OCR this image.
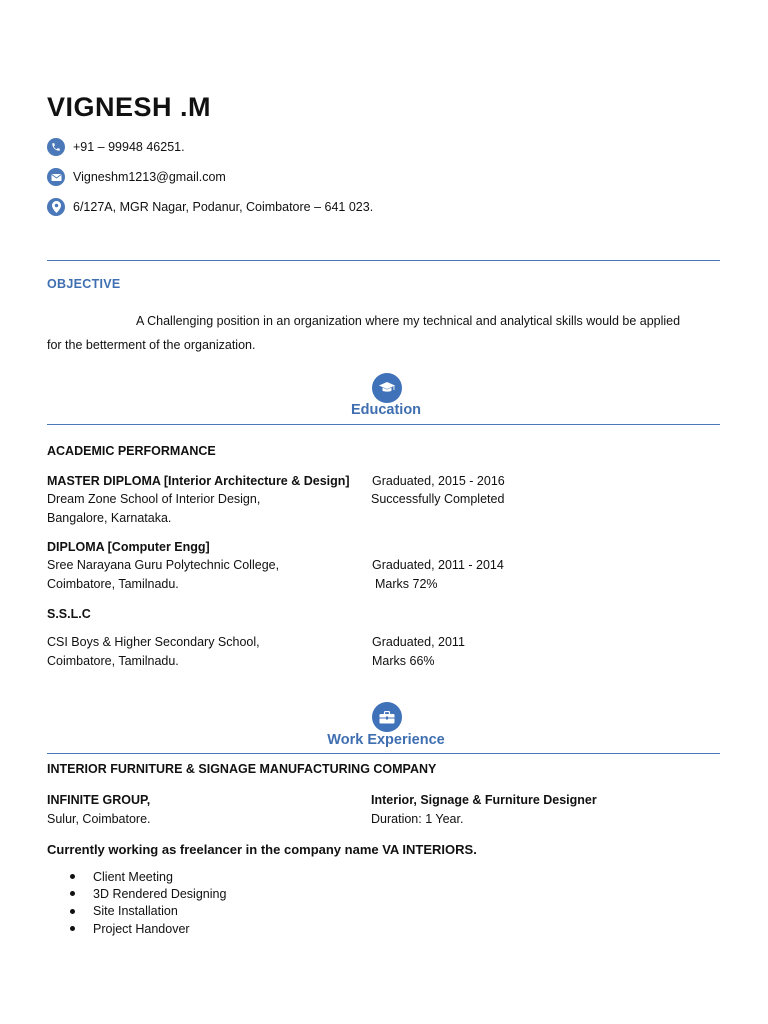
VIGNESH .M
+91 – 99948 46251.
Vigneshm1213@gmail.com
6/127A, MGR Nagar, Podanur, Coimbatore – 641 023.
OBJECTIVE
A Challenging position in an organization where my technical and analytical skills would be applied
for the betterment of the organization.
Education
ACADEMIC PERFORMANCE
MASTER DIPLOMA [Interior Architecture & Design]
Dream Zone School of Interior Design,
Bangalore, Karnataka.
Graduated, 2015 - 2016
Successfully Completed
DIPLOMA [Computer Engg]
Sree Narayana Guru Polytechnic College,
Coimbatore, Tamilnadu.
Graduated, 2011 - 2014
Marks 72%
S.S.L.C
CSI Boys & Higher Secondary School,
Coimbatore, Tamilnadu.
Graduated, 2011
Marks 66%
Work Experience
INTERIOR FURNITURE & SIGNAGE MANUFACTURING COMPANY
INFINITE GROUP,
Sulur, Coimbatore.
Interior, Signage & Furniture Designer
Duration: 1 Year.
Currently working as freelancer in the company name VA INTERIORS.
Client Meeting
3D Rendered Designing
Site Installation
Project Handover
